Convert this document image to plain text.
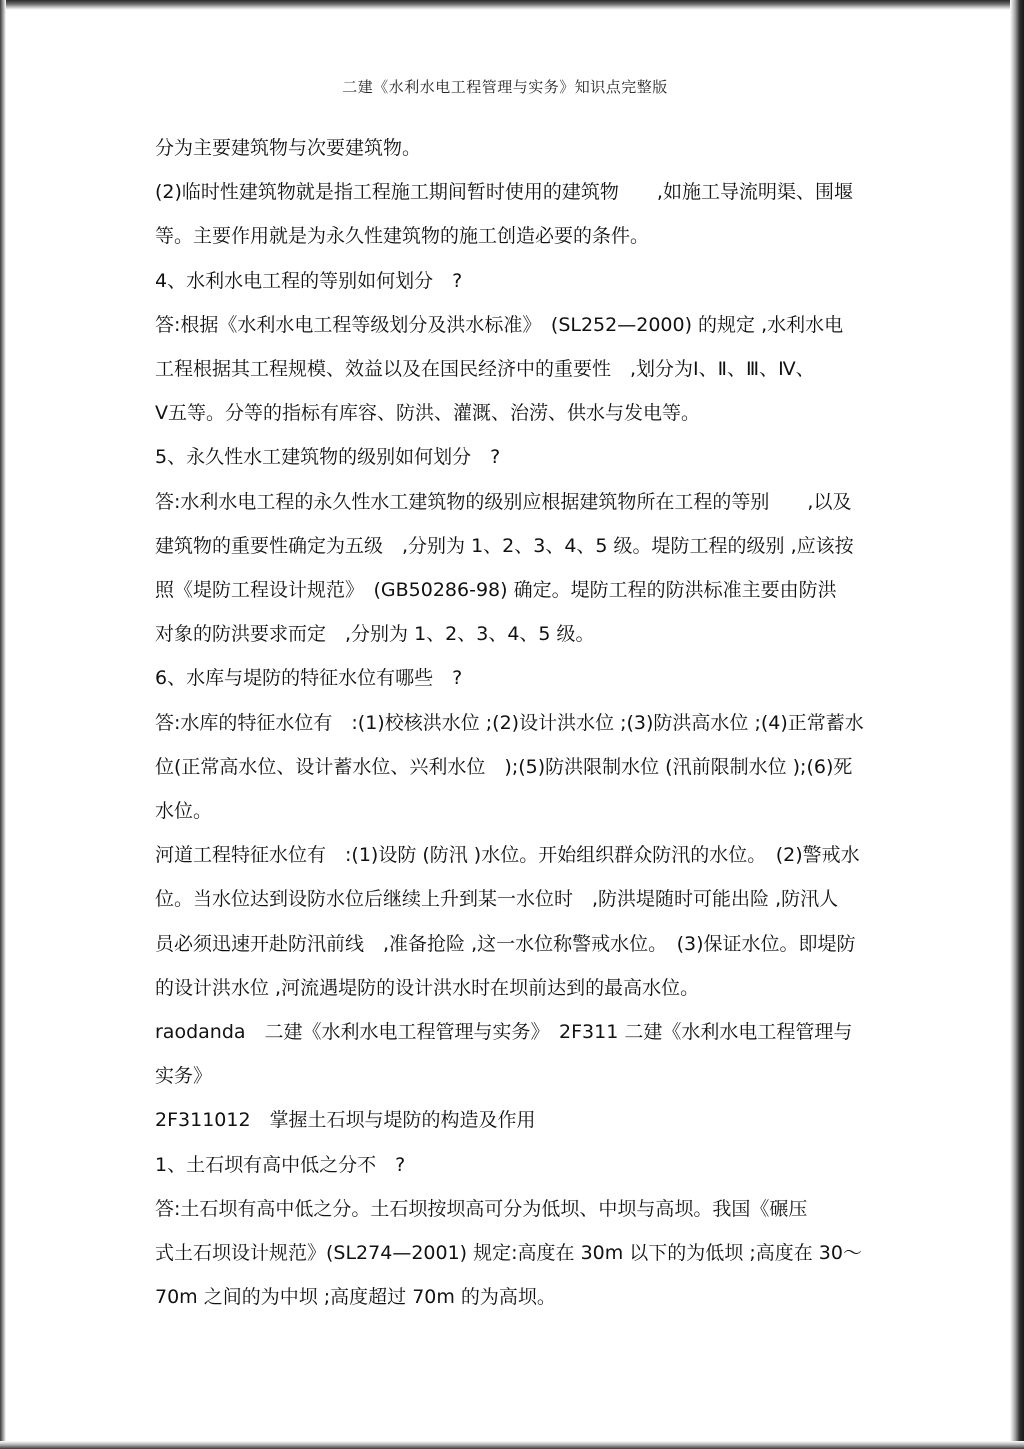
二建《水利水电工程管理与实务》知识点完整版

分为主要建筑物与次要建筑物。

(2)临时性建筑物就是指工程施工期间暂时使用的建筑物　　,如施工导流明渠、围堰

等。主要作用就是为永久性建筑物的施工创造必要的条件。

4、水利水电工程的等别如何划分　?

答:根据《水利水电工程等级划分及洪水标准》　(SL252—2000) 的规定 ,水利水电

工程根据其工程规模、效益以及在国民经济中的重要性　,划分为Ⅰ、Ⅱ、Ⅲ、Ⅳ、

Ⅴ五等。分等的指标有库容、防洪、灌溉、治涝、供水与发电等。

5、永久性水工建筑物的级别如何划分　?

答:水利水电工程的永久性水工建筑物的级别应根据建筑物所在工程的等别　　,以及

建筑物的重要性确定为五级　,分别为 1、2、3、4、5 级。堤防工程的级别 ,应该按

照《堤防工程设计规范》　(GB50286-98) 确定。堤防工程的防洪标准主要由防洪

对象的防洪要求而定　,分别为 1、2、3、4、5 级。

6、水库与堤防的特征水位有哪些　?

答:水库的特征水位有　:(1)校核洪水位 ;(2)设计洪水位 ;(3)防洪高水位 ;(4)正常蓄水

位(正常高水位、设计蓄水位、兴利水位　);(5)防洪限制水位 (汛前限制水位 );(6)死

水位。

河道工程特征水位有　:(1)设防 (防汛 )水位。开始组织群众防汛的水位。　(2)警戒水

位。当水位达到设防水位后继续上升到某一水位时　,防洪堤随时可能出险 ,防汛人

员必须迅速开赴防汛前线　,准备抢险 ,这一水位称警戒水位。　(3)保证水位。即堤防

的设计洪水位 ,河流遇堤防的设计洪水时在坝前达到的最高水位。

raodanda　二建《水利水电工程管理与实务》　2F311 二建《水利水电工程管理与

实务》

2F311012　掌握土石坝与堤防的构造及作用

1、土石坝有高中低之分不　?

答:土石坝有高中低之分。土石坝按坝高可分为低坝、中坝与高坝。我国《碾压

式土石坝设计规范》(SL274—2001) 规定:高度在 30m 以下的为低坝 ;高度在 30～

70m 之间的为中坝 ;高度超过 70m 的为高坝。
